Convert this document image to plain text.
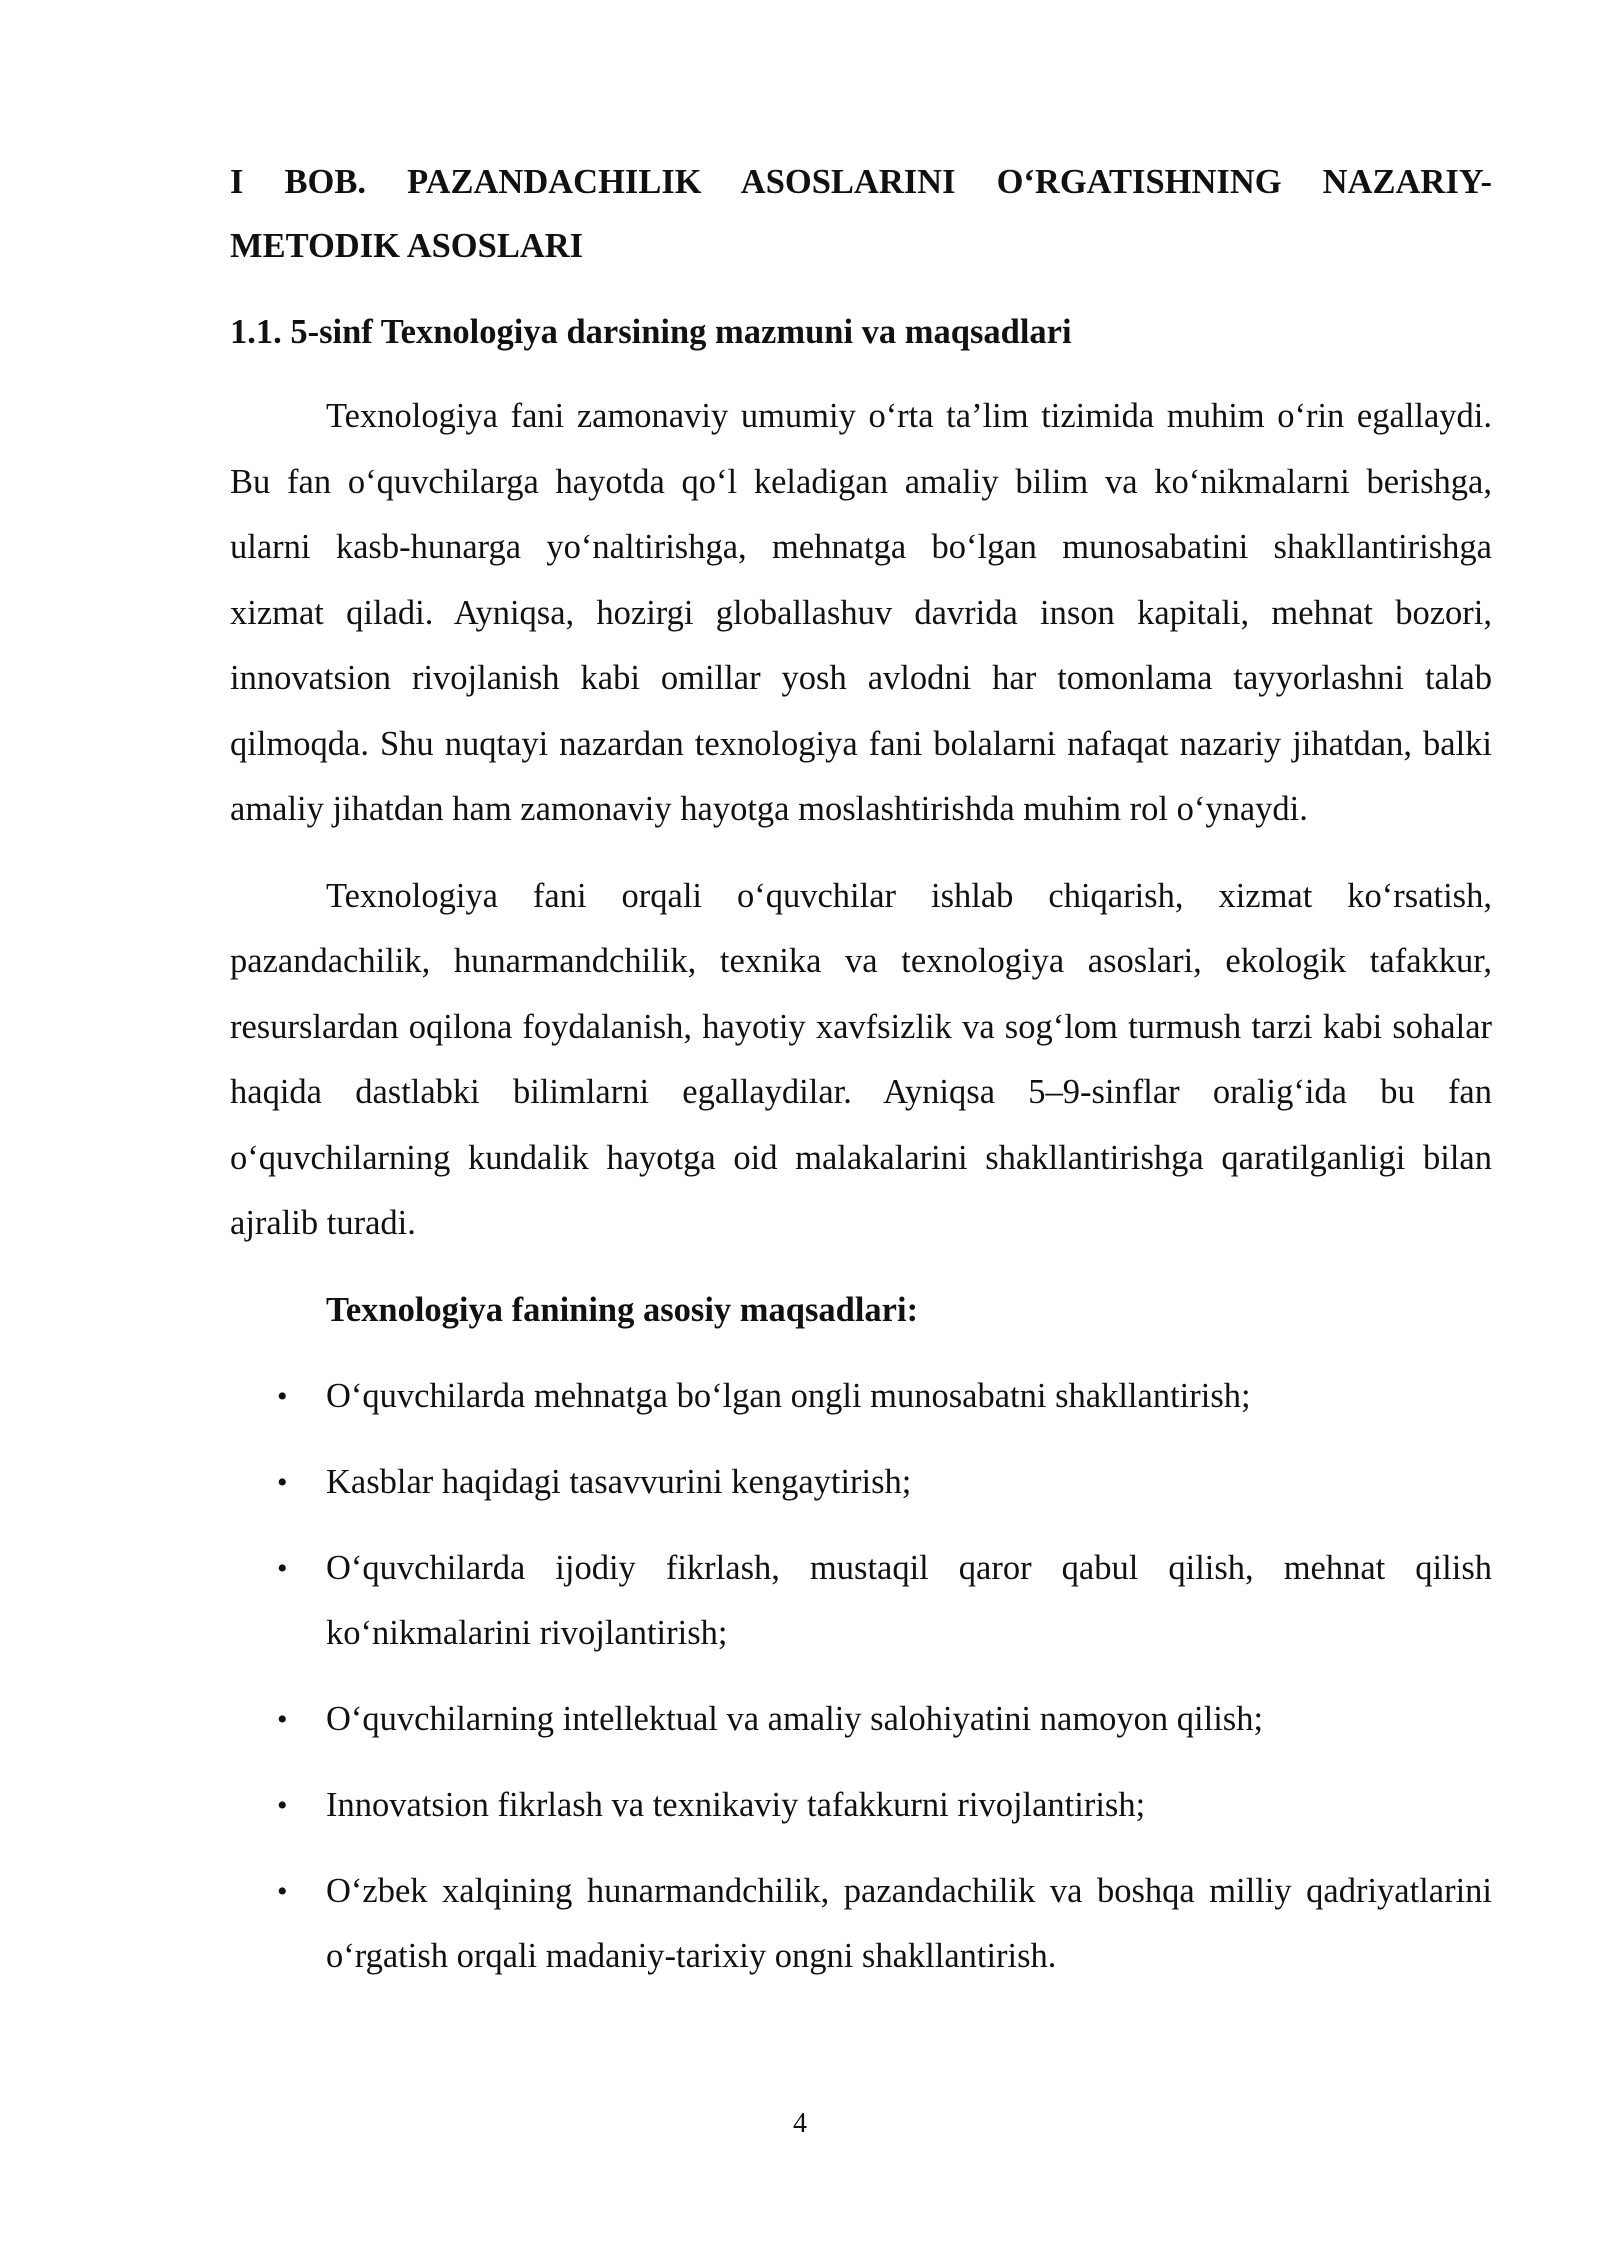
I BOB. PAZANDACHILIK ASOSLARINI O‘RGATISHNING NAZARIY-METODIK ASOSLARI
1.1. 5-sinf Texnologiya darsining mazmuni va maqsadlari

Texnologiya fani zamonaviy umumiy o‘rta ta’lim tizimida muhim o‘rin egallaydi. Bu fan o‘quvchilarga hayotda qo‘l keladigan amaliy bilim va ko‘nikmalarni berishga, ularni kasb-hunarga yo‘naltirishga, mehnatga bo‘lgan munosabatini shakllantirishga xizmat qiladi. Ayniqsa, hozirgi globallashuv davrida inson kapitali, mehnat bozori, innovatsion rivojlanish kabi omillar yosh avlodni har tomonlama tayyorlashni talab qilmoqda. Shu nuqtayi nazardan texnologiya fani bolalarni nafaqat nazariy jihatdan, balki amaliy jihatdan ham zamonaviy hayotga moslashtirishda muhim rol o‘ynaydi.

Texnologiya fani orqali o‘quvchilar ishlab chiqarish, xizmat ko‘rsatish, pazandachilik, hunarmandchilik, texnika va texnologiya asoslari, ekologik tafakkur, resurslardan oqilona foydalanish, hayotiy xavfsizlik va sog‘lom turmush tarzi kabi sohalar haqida dastlabki bilimlarni egallaydilar. Ayniqsa 5–9-sinflar oralig‘ida bu fan o‘quvchilarning kundalik hayotga oid malakalarini shakllantirishga qaratilganligi bilan ajralib turadi.

Texnologiya fanining asosiy maqsadlari:
• O‘quvchilarda mehnatga bo‘lgan ongli munosabatni shakllantirish;
• Kasblar haqidagi tasavvurini kengaytirish;
• O‘quvchilarda ijodiy fikrlash, mustaqil qaror qabul qilish, mehnat qilish ko‘nikmalarini rivojlantirish;
• O‘quvchilarning intellektual va amaliy salohiyatini namoyon qilish;
• Innovatsion fikrlash va texnikaviy tafakkurni rivojlantirish;
• O‘zbek xalqining hunarmandchilik, pazandachilik va boshqa milliy qadriyatlarini o‘rgatish orqali madaniy-tarixiy ongni shakllantirish.
4
